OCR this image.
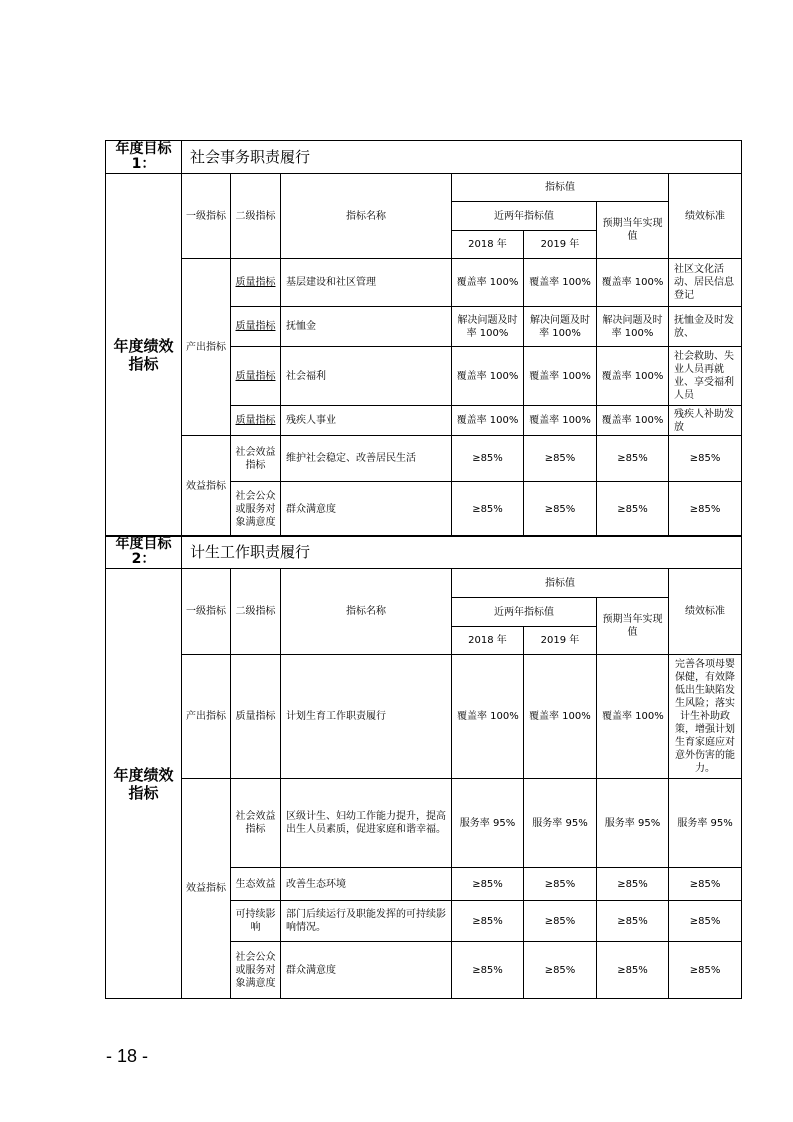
年度目标
1：	社会事务职责履行						
年度绩效指标	一级指标	二级指标	指标名称	指标值			绩效标准
				近两年指标值		预期当年实现值	
				2018 年	2019 年		
	产出指标	质量指标	基层建设和社区管理	覆盖率 100%	覆盖率 100%	覆盖率 100%	社区文化活动、居民信息登记
		质量指标	抚恤金	解决问题及时率 100%	解决问题及时率 100%	解决问题及时率 100%	抚恤金及时发放、
		质量指标	社会福利	覆盖率 100%	覆盖率 100%	覆盖率 100%	社会救助、失业人员再就业、享受福利人员
		质量指标	残疾人事业	覆盖率 100%	覆盖率 100%	覆盖率 100%	残疾人补助发放
	效益指标	社会效益指标	维护社会稳定、改善居民生活	≥85%	≥85%	≥85%	≥85%
		社会公众或服务对象满意度	群众满意度	≥85%	≥85%	≥85%	≥85%
年度目标
2：	计生工作职责履行						
年度绩效指标	一级指标	二级指标	指标名称	指标值			绩效标准
				近两年指标值		预期当年实现值	
				2018 年	2019 年		
	产出指标	质量指标	计划生育工作职责履行	覆盖率 100%	覆盖率 100%	覆盖率 100%	完善各项母婴保健，有效降低出生缺陷发生风险；落实计生补助政策，增强计划生育家庭应对意外伤害的能力。
	效益指标	社会效益指标	区级计生、妇幼工作能力提升，提高出生人员素质，促进家庭和谐幸福。	服务率 95%	服务率 95%	服务率 95%	服务率 95%
		生态效益	改善生态环境	≥85%	≥85%	≥85%	≥85%
		可持续影响	部门后续运行及职能发挥的可持续影响情况。	≥85%	≥85%	≥85%	≥85%
		社会公众或服务对象满意度	群众满意度	≥85%	≥85%	≥85%	≥85%
- 18 -
